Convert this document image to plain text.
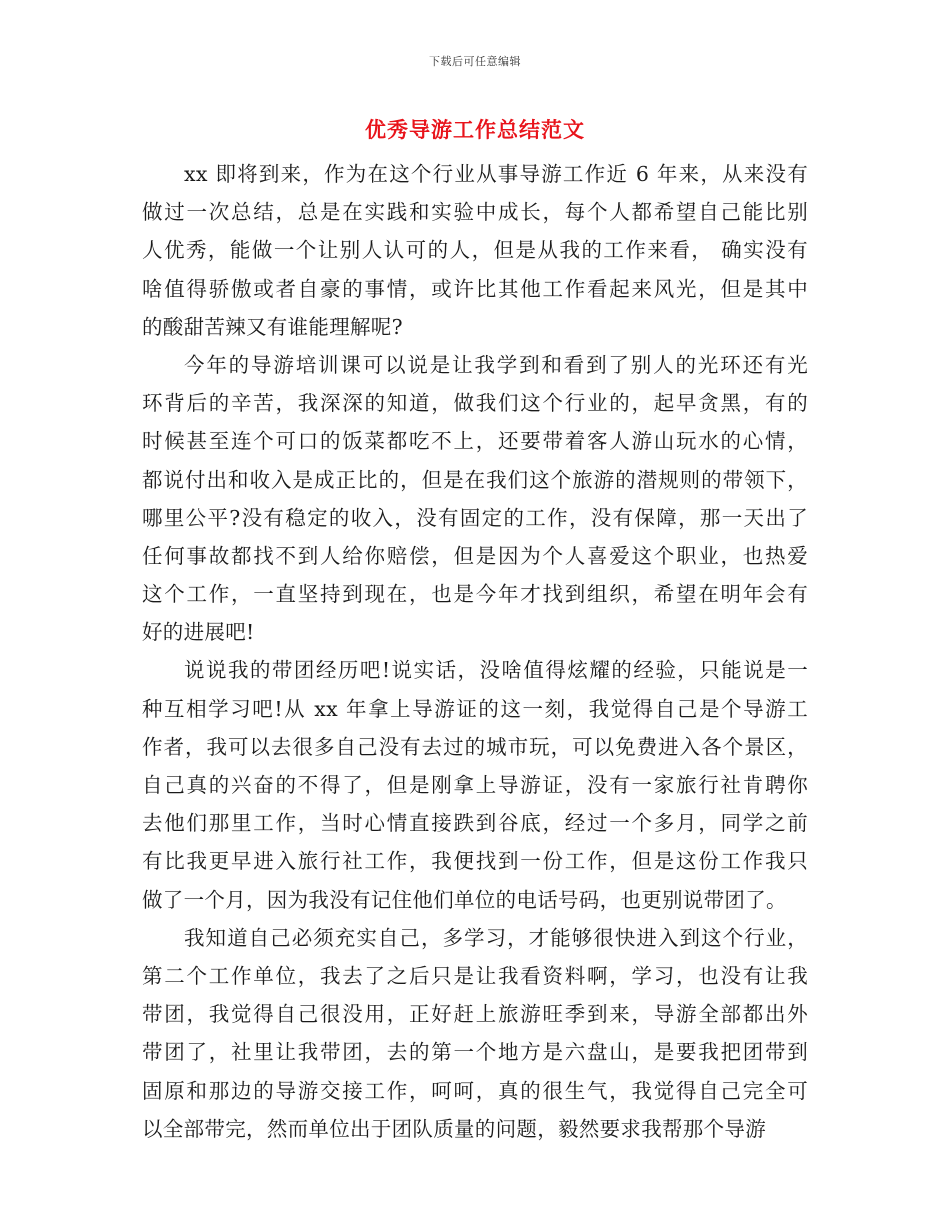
下载后可任意编辑
优秀导游工作总结范文
xx 即将到来，作为在这个行业从事导游工作近 6 年来，从来没有
做过一次总结，总是在实践和实验中成长，每个人都希望自己能比别
人优秀，能做一个让别人认可的人，但是从我的工作来看， 确实没有
啥值得骄傲或者自豪的事情，或许比其他工作看起来风光，但是其中
的酸甜苦辣又有谁能理解呢?
今年的导游培训课可以说是让我学到和看到了别人的光环还有光
环背后的辛苦，我深深的知道，做我们这个行业的，起早贪黑，有的
时候甚至连个可口的饭菜都吃不上，还要带着客人游山玩水的心情，
都说付出和收入是成正比的，但是在我们这个旅游的潜规则的带领下，
哪里公平?没有稳定的收入，没有固定的工作，没有保障，那一天出了
任何事故都找不到人给你赔偿，但是因为个人喜爱这个职业，也热爱
这个工作，一直坚持到现在，也是今年才找到组织，希望在明年会有
好的进展吧!
说说我的带团经历吧!说实话，没啥值得炫耀的经验，只能说是一
种互相学习吧!从 xx 年拿上导游证的这一刻，我觉得自己是个导游工
作者，我可以去很多自己没有去过的城市玩，可以免费进入各个景区，
自己真的兴奋的不得了，但是刚拿上导游证，没有一家旅行社肯聘你
去他们那里工作，当时心情直接跌到谷底，经过一个多月，同学之前
有比我更早进入旅行社工作，我便找到一份工作，但是这份工作我只
做了一个月，因为我没有记住他们单位的电话号码，也更别说带团了。
我知道自己必须充实自己，多学习，才能够很快进入到这个行业，
第二个工作单位，我去了之后只是让我看资料啊，学习，也没有让我
带团，我觉得自己很没用，正好赶上旅游旺季到来，导游全部都出外
带团了，社里让我带团，去的第一个地方是六盘山，是要我把团带到
固原和那边的导游交接工作，呵呵，真的很生气，我觉得自己完全可
以全部带完，然而单位出于团队质量的问题，毅然要求我帮那个导游
